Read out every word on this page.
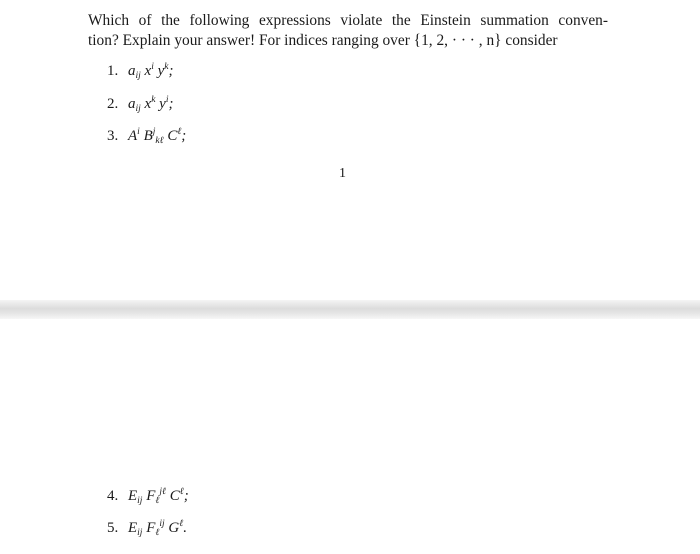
Which of the following expressions violate the Einstein summation conven-
tion? Explain your answer! For indices ranging over {1, 2, · · · , n} consider

1. $a_{ij}$ $x^i$ $y^k$;
2. $a_{ij}$ $x^k$ $y^i$;
3. $A^i$ $B^j_{k\ell}$ $C^\ell$;
1
4. $E_{ij}$ $F_\ell^{j\ell}$ $C^\ell$;
5. $E_{ij}$ $F_\ell^{ij}$ $G^\ell$.
